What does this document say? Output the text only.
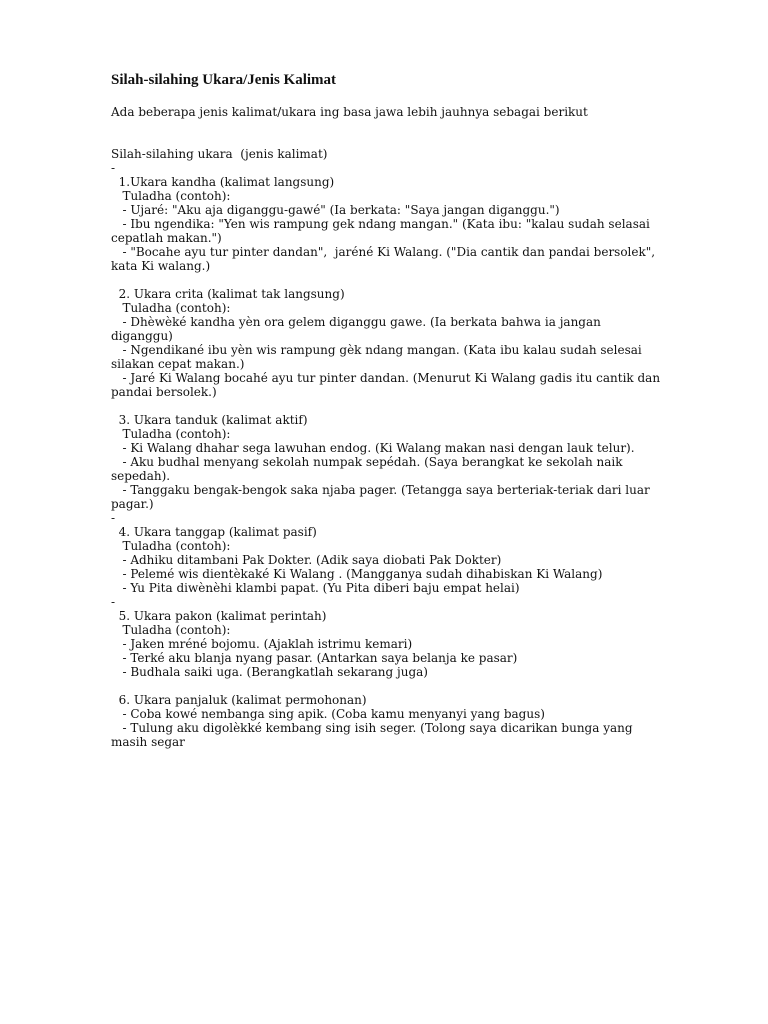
Silah-silahing Ukara/Jenis Kalimat
Ada beberapa jenis kalimat/ukara ing basa jawa lebih jauhnya sebagai berikut
Silah-silahing ukara  (jenis kalimat)
-
1.Ukara kandha (kalimat langsung)
Tuladha (contoh):
- Ujaré: "Aku aja diganggu-gawé" (Ia berkata: "Saya jangan diganggu.")
- Ibu ngendika: "Yen wis rampung gek ndang mangan." (Kata ibu: "kalau sudah selasai
cepatlah makan.")
- "Bocahe ayu tur pinter dandan",  jaréné Ki Walang. ("Dia cantik dan pandai bersolek",
kata Ki walang.)
2. Ukara crita (kalimat tak langsung)
Tuladha (contoh):
- Dhèwèké kandha yèn ora gelem diganggu gawe. (Ia berkata bahwa ia jangan
diganggu)
- Ngendikané ibu yèn wis rampung gèk ndang mangan. (Kata ibu kalau sudah selesai
silakan cepat makan.)
- Jaré Ki Walang bocahé ayu tur pinter dandan. (Menurut Ki Walang gadis itu cantik dan
pandai bersolek.)
3. Ukara tanduk (kalimat aktif)
Tuladha (contoh):
- Ki Walang dhahar sega lawuhan endog. (Ki Walang makan nasi dengan lauk telur).
- Aku budhal menyang sekolah numpak sepédah. (Saya berangkat ke sekolah naik
sepedah).
- Tanggaku bengak-bengok saka njaba pager. (Tetangga saya berteriak-teriak dari luar
pagar.)
-
4. Ukara tanggap (kalimat pasif)
Tuladha (contoh):
- Adhiku ditambani Pak Dokter. (Adik saya diobati Pak Dokter)
- Pelemé wis dientèkaké Ki Walang . (Mangganya sudah dihabiskan Ki Walang)
- Yu Pita diwènèhi klambi papat. (Yu Pita diberi baju empat helai)
-
5. Ukara pakon (kalimat perintah)
Tuladha (contoh):
- Jaken mréné bojomu. (Ajaklah istrimu kemari)
- Terké aku blanja nyang pasar. (Antarkan saya belanja ke pasar)
- Budhala saiki uga. (Berangkatlah sekarang juga)
6. Ukara panjaluk (kalimat permohonan)
- Coba kowé nembanga sing apik. (Coba kamu menyanyi yang bagus)
- Tulung aku digolèkké kembang sing isih seger. (Tolong saya dicarikan bunga yang
masih segar
